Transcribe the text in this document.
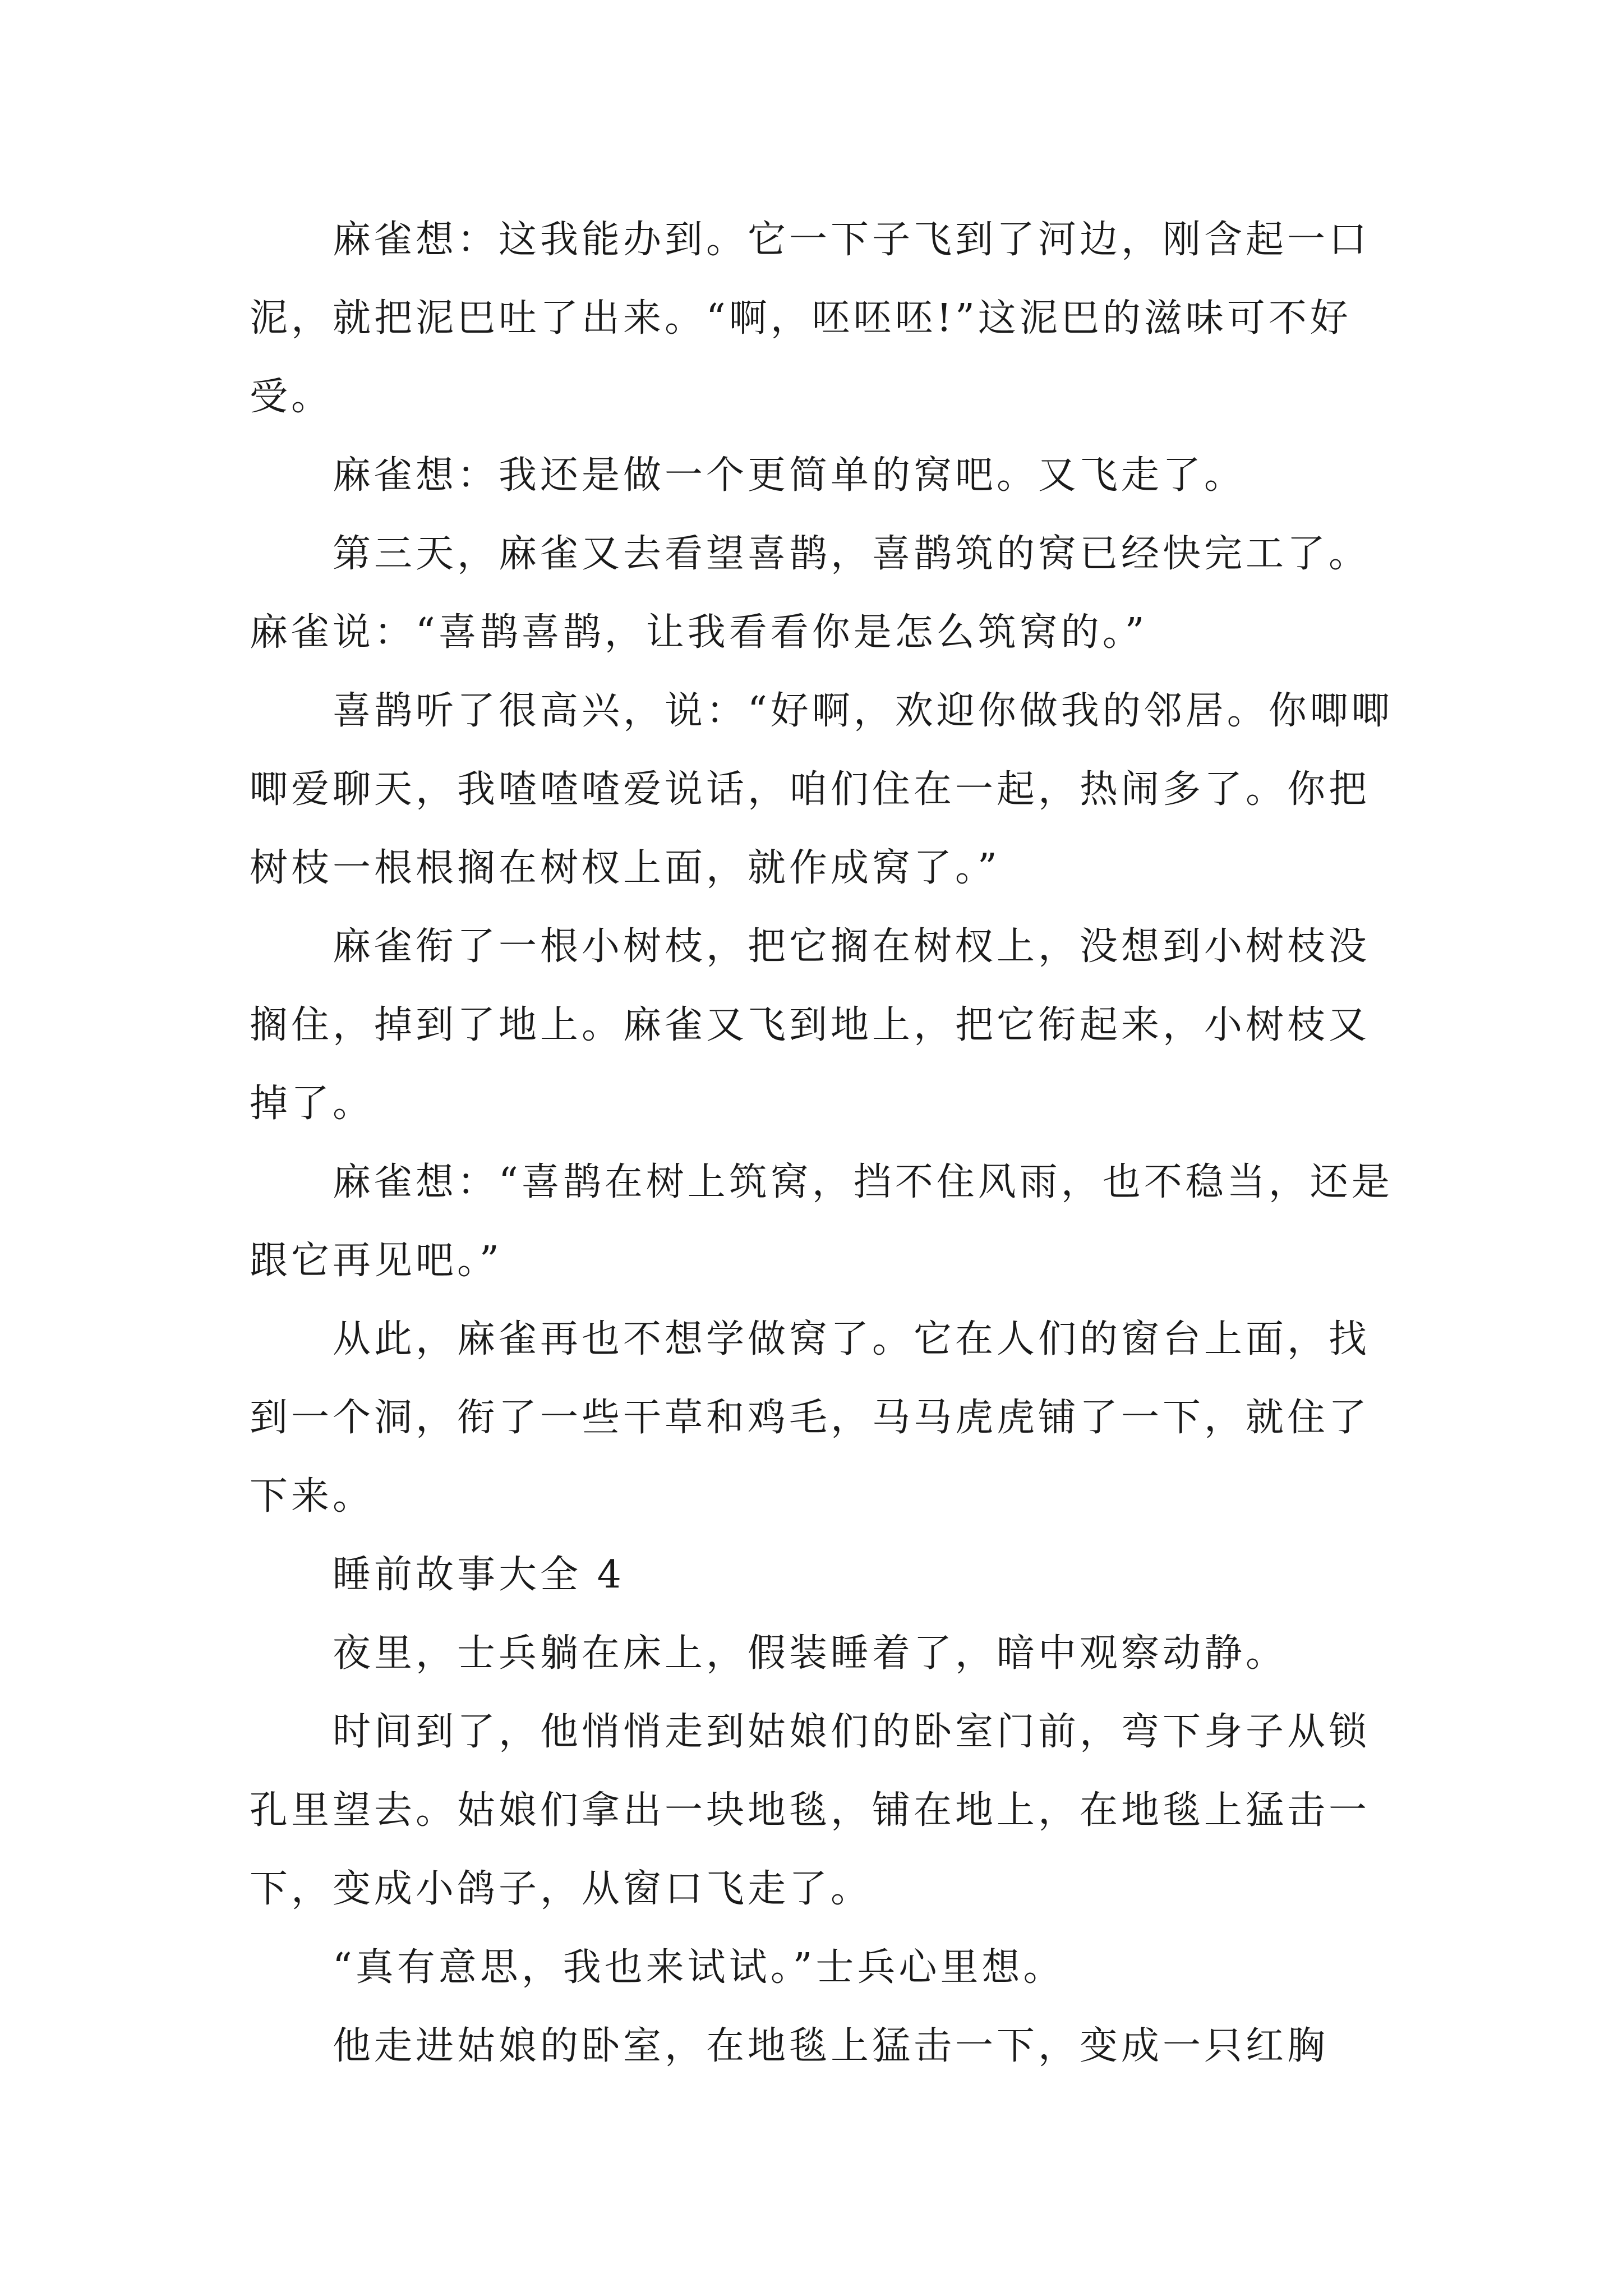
麻雀想：这我能办到。它一下子飞到了河边，刚含起一口泥，就把泥巴吐了出来。“啊，呸呸呸!”这泥巴的滋味可不好受。

麻雀想：我还是做一个更简单的窝吧。又飞走了。

第三天，麻雀又去看望喜鹊，喜鹊筑的窝已经快完工了。麻雀说：“喜鹊喜鹊，让我看看你是怎么筑窝的。”

喜鹊听了很高兴，说：“好啊，欢迎你做我的邻居。你唧唧唧爱聊天，我喳喳喳爱说话，咱们住在一起，热闹多了。你把树枝一根根搁在树杈上面，就作成窝了。”

麻雀衔了一根小树枝，把它搁在树杈上，没想到小树枝没搁住，掉到了地上。麻雀又飞到地上，把它衔起来，小树枝又掉了。

麻雀想：“喜鹊在树上筑窝，挡不住风雨，也不稳当，还是跟它再见吧。”

从此，麻雀再也不想学做窝了。它在人们的窗台上面，找到一个洞，衔了一些干草和鸡毛，马马虎虎铺了一下，就住了下来。

睡前故事大全 4

夜里，士兵躺在床上，假装睡着了，暗中观察动静。

时间到了，他悄悄走到姑娘们的卧室门前，弯下身子从锁孔里望去。姑娘们拿出一块地毯，铺在地上，在地毯上猛击一下，变成小鸽子，从窗口飞走了。

“真有意思，我也来试试。”士兵心里想。

他走进姑娘的卧室，在地毯上猛击一下，变成一只红胸
